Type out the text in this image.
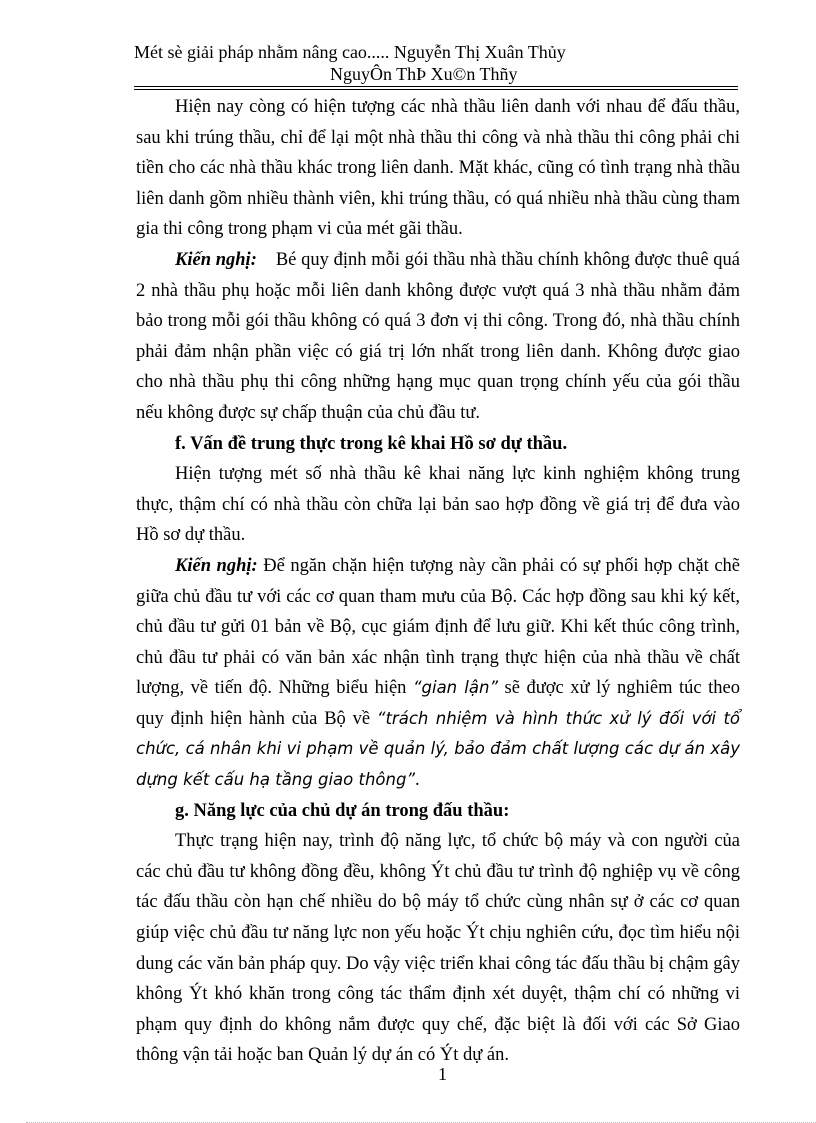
Mét sè giải pháp nhằm nâng cao..... Nguyễn Thị Xuân Thủy
NguyÔn ThÞ Xu©n Thñy

Hiện nay còng có hiện tượng các nhà thầu liên danh với nhau để đấu thầu, sau khi trúng thầu, chỉ để lại một nhà thầu thi công và nhà thầu thi công phải chi tiền cho các nhà thầu khác trong liên danh. Mặt khác, cũng có tình trạng nhà thầu liên danh gồm nhiều thành viên, khi trúng thầu, có quá nhiều nhà thầu cùng tham gia thi công trong phạm vi của mét gãi thầu.

Kiến nghị: Bé quy định mỗi gói thầu nhà thầu chính không được thuê quá 2 nhà thầu phụ hoặc mỗi liên danh không được vượt quá 3 nhà thầu nhằm đảm bảo trong mỗi gói thầu không có quá 3 đơn vị thi công. Trong đó, nhà thầu chính phải đảm nhận phần việc có giá trị lớn nhất trong liên danh. Không được giao cho nhà thầu phụ thi công những hạng mục quan trọng chính yếu của gói thầu nếu không được sự chấp thuận của chủ đầu tư.

f. Vấn đề trung thực trong kê khai Hồ sơ dự thầu.

Hiện tượng mét số nhà thầu kê khai năng lực kinh nghiệm không trung thực, thậm chí có nhà thầu còn chữa lại bản sao hợp đồng về giá trị để đưa vào Hồ sơ dự thầu.

Kiến nghị: Để ngăn chặn hiện tượng này cần phải có sự phối hợp chặt chẽ giữa chủ đầu tư với các cơ quan tham mưu của Bộ. Các hợp đồng sau khi ký kết, chủ đầu tư gửi 01 bản về Bộ, cục giám định để lưu giữ. Khi kết thúc công trình, chủ đầu tư phải có văn bản xác nhận tình trạng thực hiện của nhà thầu về chất lượng, về tiến độ. Những biểu hiện “gian lận” sẽ được xử lý nghiêm túc theo quy định hiện hành của Bộ về “trách nhiệm và hình thức xử lý đối với tổ chức, cá nhân khi vi phạm về quản lý, bảo đảm chất lượng các dự án xây dựng kết cấu hạ tầng giao thông”.

g. Năng lực của chủ dự án trong đấu thầu:

Thực trạng hiện nay, trình độ năng lực, tổ chức bộ máy và con người của các chủ đầu tư không đồng đều, không Ýt chủ đầu tư trình độ nghiệp vụ về công tác đấu thầu còn hạn chế nhiều do bộ máy tổ chức cùng nhân sự ở các cơ quan giúp việc chủ đầu tư năng lực non yếu hoặc Ýt chịu nghiên cứu, đọc tìm hiểu nội dung các văn bản pháp quy. Do vậy việc triển khai công tác đấu thầu bị chậm gây không Ýt khó khăn trong công tác thẩm định xét duyệt, thậm chí có những vi phạm quy định do không nắm được quy chế, đặc biệt là đối với các Sở Giao thông vận tải hoặc ban Quản lý dự án có Ýt dự án.

1
